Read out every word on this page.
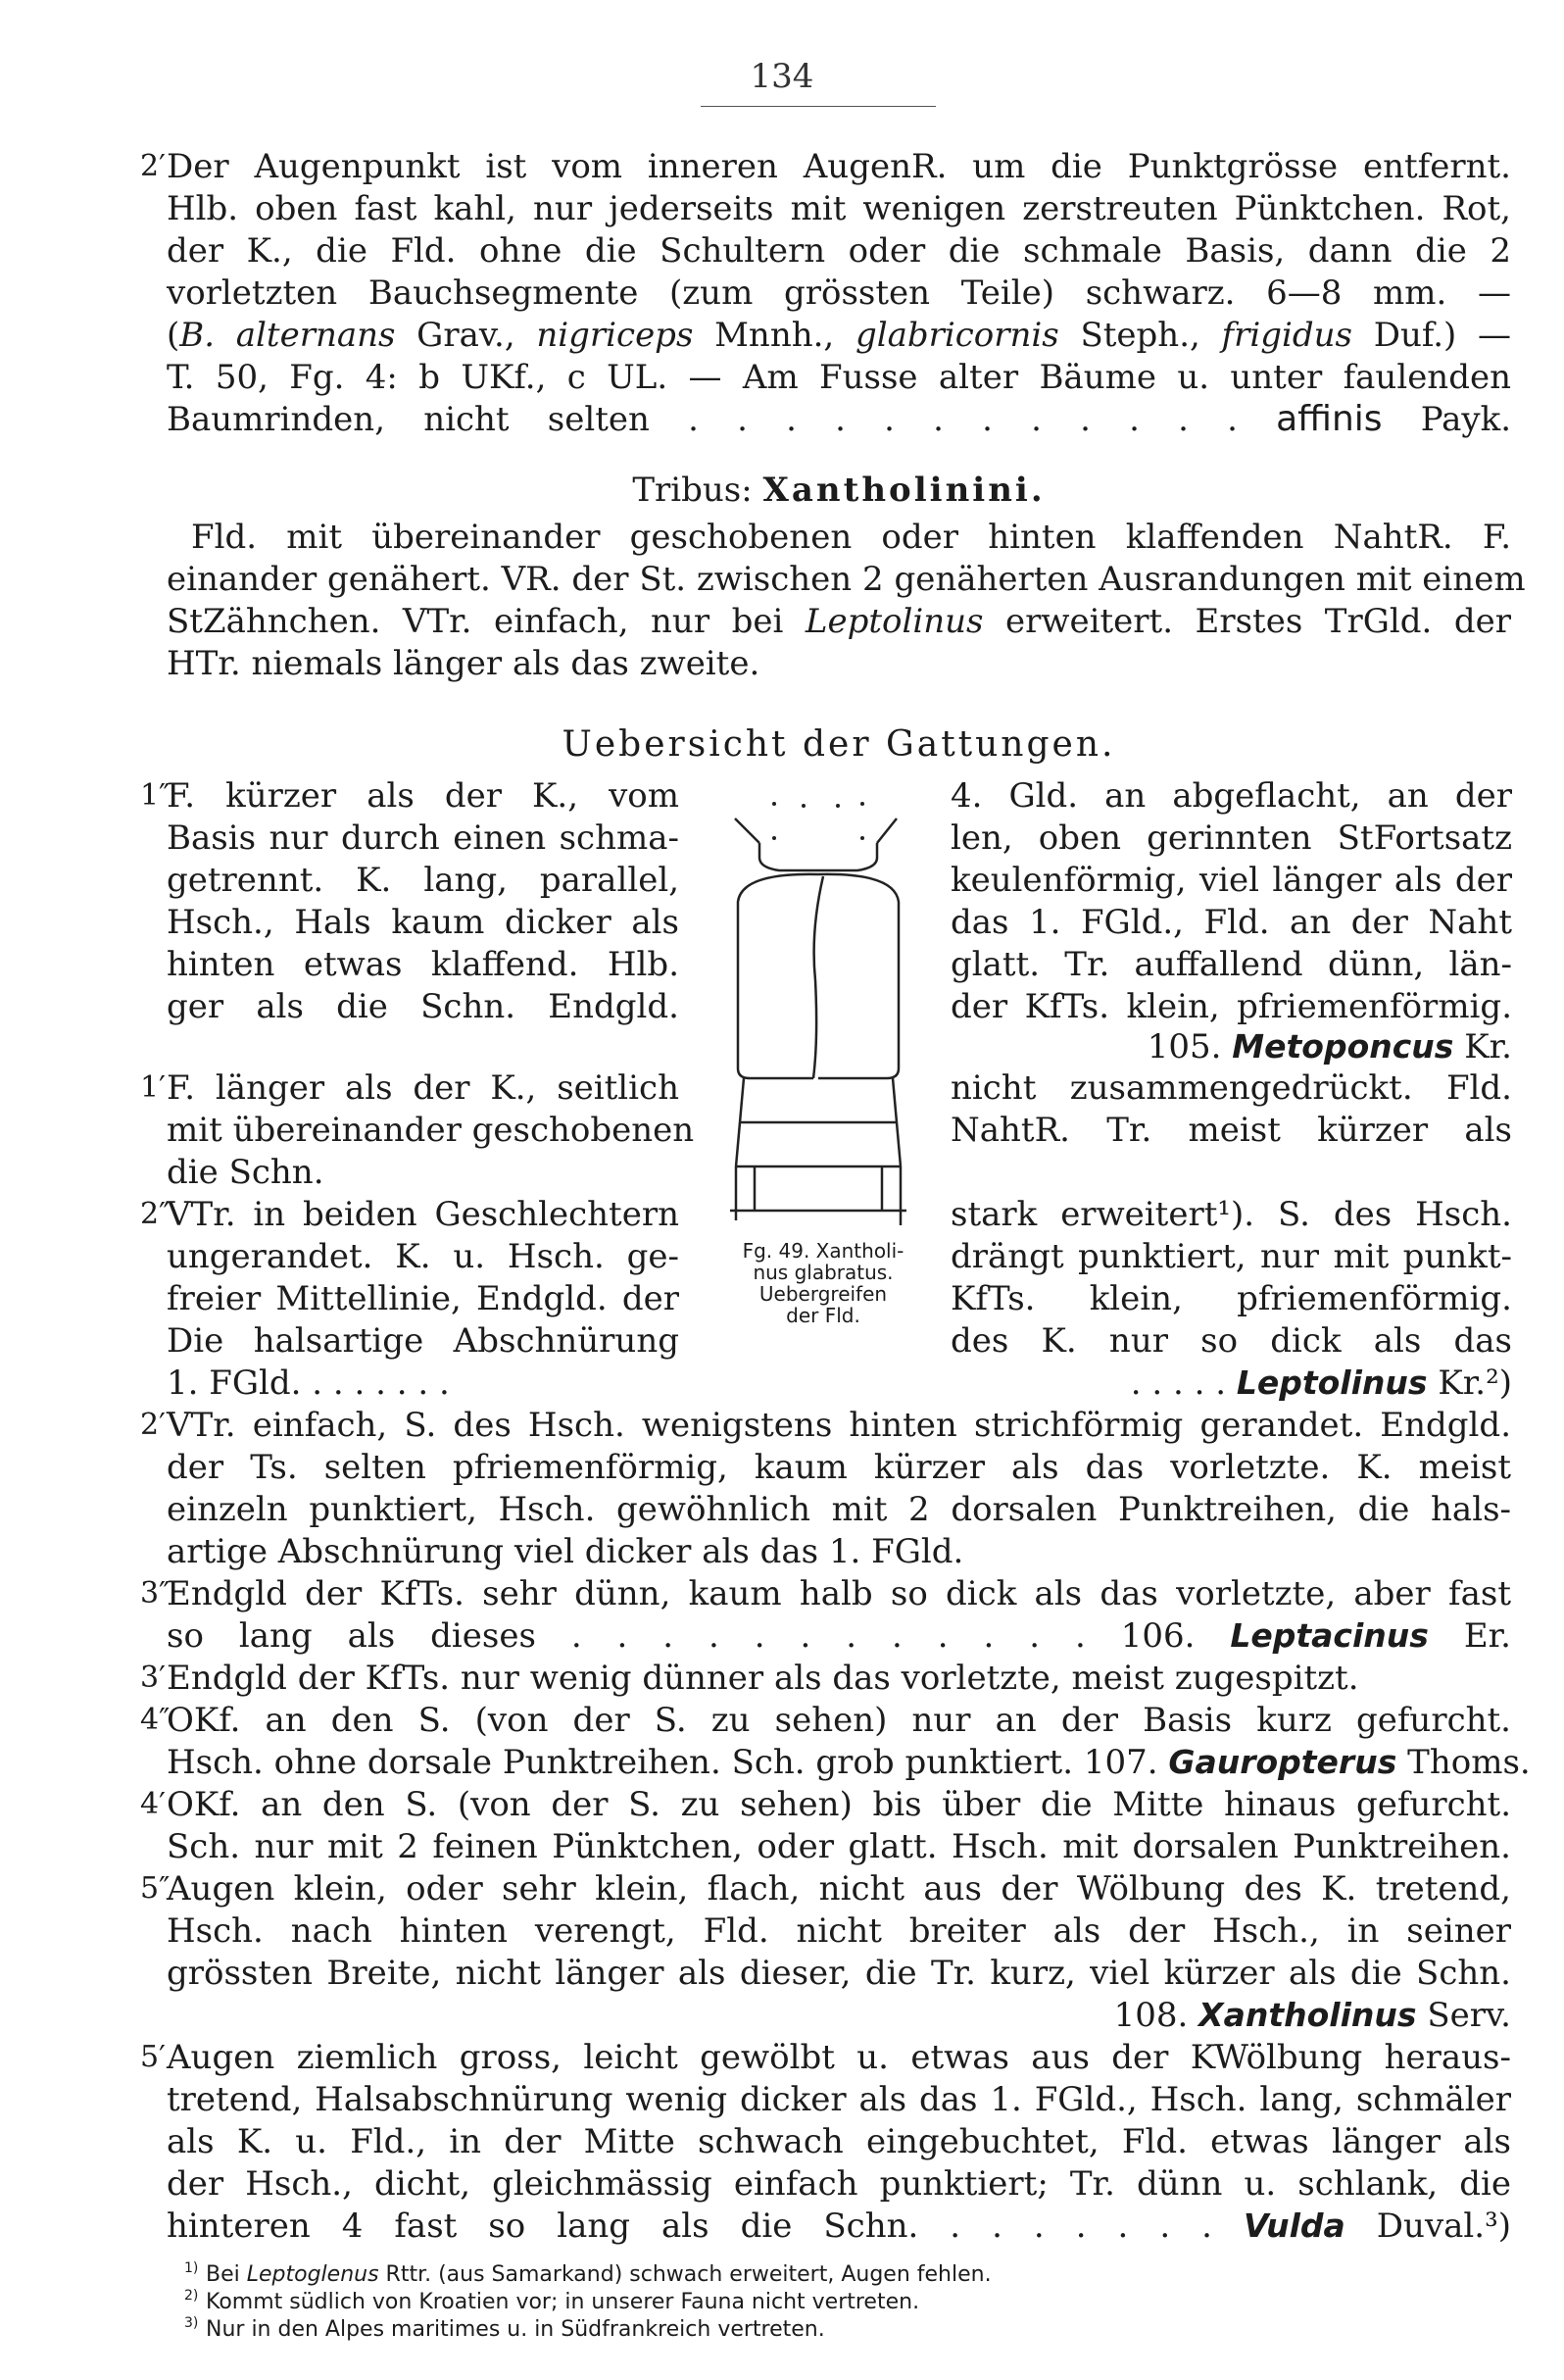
134
2′ Der Augenpunkt ist vom inneren AugenR. um die Punktgrösse entfernt.
Hlb. oben fast kahl, nur jederseits mit wenigen zerstreuten Pünktchen. Rot,
der K., die Fld. ohne die Schultern oder die schmale Basis, dann die 2
vorletzten Bauchsegmente (zum grössten Teile) schwarz. 6—8 mm. —
(B. alternans Grav., nigriceps Mnnh., glabricornis Steph., frigidus Duf.) —
T. 50, Fg. 4: b UKf., c UL. — Am Fusse alter Bäume u. unter faulenden
Baumrinden, nicht selten . . . . . . . . . . . . affinis Payk.
Tribus: Xantholinini.
Fld. mit übereinander geschobenen oder hinten klaffenden NahtR. F.
einander genähert. VR. der St. zwischen 2 genäherten Ausrandungen mit einem
StZähnchen. VTr. einfach, nur bei Leptolinus erweitert. Erstes TrGld. der
HTr. niemals länger als das zweite.
Uebersicht der Gattungen.
1″
F. kürzer als der K., vom
Basis nur durch einen schma-
getrennt. K. lang, parallel,
Hsch., Hals kaum dicker als
hinten etwas klaffend. Hlb.
ger als die Schn. Endgld.
1′ F. länger als der K., seitlich
mit übereinander geschobenen
die Schn.
2″
VTr. in beiden Geschlechtern
ungerandet. K. u. Hsch. ge-
freier Mittellinie, Endgld. der
Die halsartige Abschnürung
4. Gld. an abgeflacht, an der
len, oben gerinnten StFortsatz
keulenförmig, viel länger als der
das 1. FGld., Fld. an der Naht
glatt. Tr. auffallend dünn, län-
der KfTs. klein, pfriemenförmig.
105. Metoponcus Kr.
nicht zusammengedrückt. Fld.
NahtR. Tr. meist kürzer als
stark erweitert¹). S. des Hsch.
drängt punktiert, nur mit punkt-
KfTs. klein, pfriemenförmig.
des K. nur so dick als das
Fg. 49. Xantholi-
nus glabratus.
Uebergreifen
der Fld.
1. FGld. . . . . . . .	. . . . . Leptolinus Kr.²)
2′ VTr. einfach, S. des Hsch. wenigstens hinten strichförmig gerandet. Endgld.
der Ts. selten pfriemenförmig, kaum kürzer als das vorletzte. K. meist
einzeln punktiert, Hsch. gewöhnlich mit 2 dorsalen Punktreihen, die hals-
artige Abschnürung viel dicker als das 1. FGld.
3″
Endgld der KfTs. sehr dünn, kaum halb so dick als das vorletzte, aber fast
so lang als dieses . . . . . . . . . . . . 106. Leptacinus Er.
3′ Endgld der KfTs. nur wenig dünner als das vorletzte, meist zugespitzt.
4″
OKf. an den S. (von der S. zu sehen) nur an der Basis kurz gefurcht.
Hsch. ohne dorsale Punktreihen. Sch. grob punktiert. 107. Gauropterus Thoms.
4′ OKf. an den S. (von der S. zu sehen) bis über die Mitte hinaus gefurcht.
Sch. nur mit 2 feinen Pünktchen, oder glatt. Hsch. mit dorsalen Punktreihen.
5″
Augen klein, oder sehr klein, flach, nicht aus der Wölbung des K. tretend,
Hsch. nach hinten verengt, Fld. nicht breiter als der Hsch., in seiner
grössten Breite, nicht länger als dieser, die Tr. kurz, viel kürzer als die Schn.
108. Xantholinus Serv.
5′ Augen ziemlich gross, leicht gewölbt u. etwas aus der KWölbung heraus-
tretend, Halsabschnürung wenig dicker als das 1. FGld., Hsch. lang, schmäler
als K. u. Fld., in der Mitte schwach eingebuchtet, Fld. etwas länger als
der Hsch., dicht, gleichmässig einfach punktiert; Tr. dünn u. schlank, die
hinteren 4 fast so lang als die Schn. . . . . . . . Vulda Duval.³)
1) Bei Leptoglenus Rttr. (aus Samarkand) schwach erweitert, Augen fehlen.
2) Kommt südlich von Kroatien vor; in unserer Fauna nicht vertreten.
3) Nur in den Alpes maritimes u. in Südfrankreich vertreten.
